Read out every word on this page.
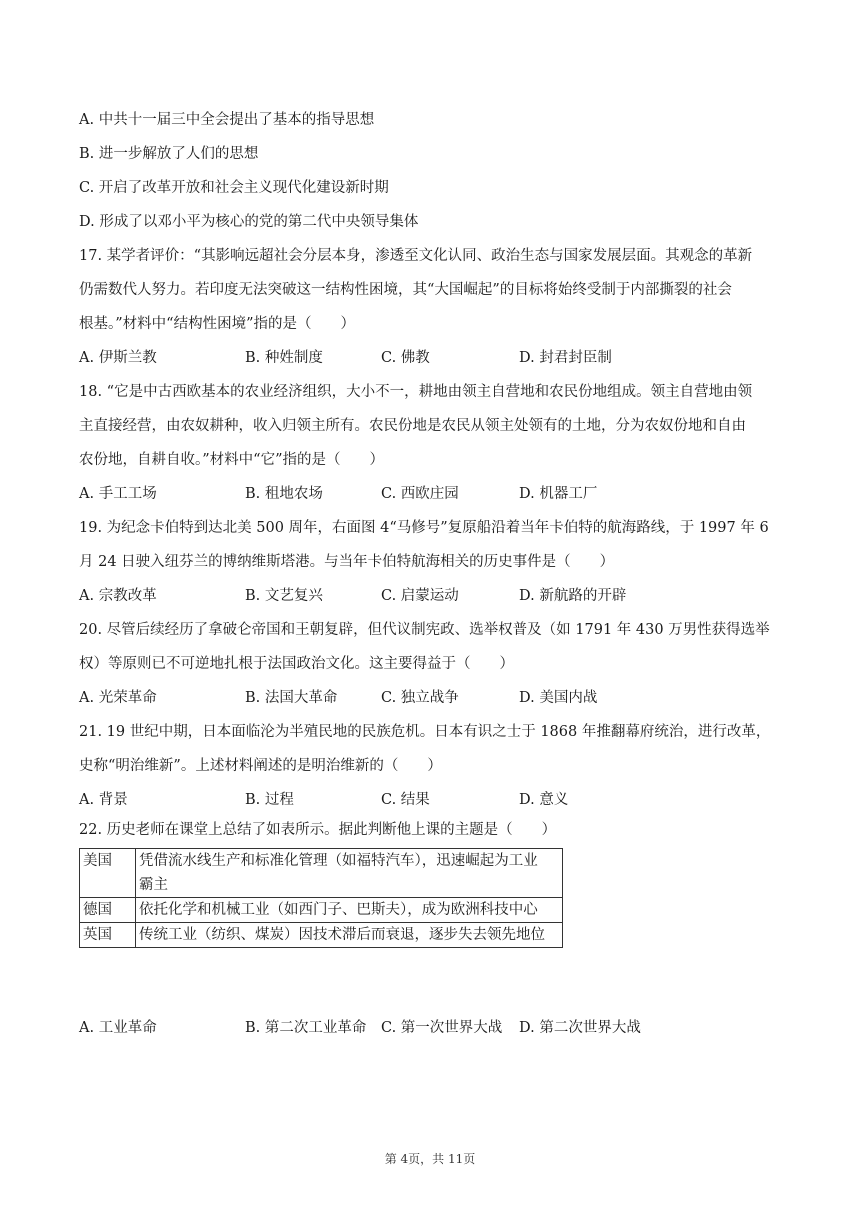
A. 中共十一届三中全会提出了基本的指导思想
B. 进一步解放了人们的思想
C. 开启了改革开放和社会主义现代化建设新时期
D. 形成了以邓小平为核心的党的第二代中央领导集体
17. 某学者评价：“其影响远超社会分层本身，渗透至文化认同、政治生态与国家发展层面。其观念的革新
仍需数代人努力。若印度无法突破这一结构性困境，其“大国崛起”的目标将始终受制于内部撕裂的社会
根基。”材料中“结构性困境”指的是（　　）
A. 伊斯兰教	B. 种姓制度	C. 佛教	D. 封君封臣制
18. “它是中古西欧基本的农业经济组织，大小不一，耕地由领主自营地和农民份地组成。领主自营地由领
主直接经营，由农奴耕种，收入归领主所有。农民份地是农民从领主处领有的土地，分为农奴份地和自由
农份地，自耕自收。”材料中“它”指的是（　　）
A. 手工工场	B. 租地农场	C. 西欧庄园	D. 机器工厂
19. 为纪念卡伯特到达北美 500 周年，右面图 4“马修号”复原船沿着当年卡伯特的航海路线，于 1997 年 6
月 24 日驶入纽芬兰的博纳维斯塔港。与当年卡伯特航海相关的历史事件是（　　）
A. 宗教改革	B. 文艺复兴	C. 启蒙运动	D. 新航路的开辟
20. 尽管后续经历了拿破仑帝国和王朝复辟，但代议制宪政、选举权普及（如 1791 年 430 万男性获得选举
权）等原则已不可逆地扎根于法国政治文化。这主要得益于（　　）
A. 光荣革命	B. 法国大革命	C. 独立战争	D. 美国内战
21. 19 世纪中期，日本面临沦为半殖民地的民族危机。日本有识之士于 1868 年推翻幕府统治，进行改革，
史称“明治维新”。上述材料阐述的是明治维新的（　　）
A. 背景	B. 过程	C. 结果	D. 意义
22. 历史老师在课堂上总结了如表所示。据此判断他上课的主题是（　　）
美国	凭借流水线生产和标准化管理（如福特汽车），迅速崛起为工业
霸主

德国	依托化学和机械工业（如西门子、巴斯夫），成为欧洲科技中心

英国	传统工业（纺织、煤炭）因技术滞后而衰退，逐步失去领先地位
A. 工业革命	B. 第二次工业革命 C. 第一次世界大战 D. 第二次世界大战
第 4页，共 11页
